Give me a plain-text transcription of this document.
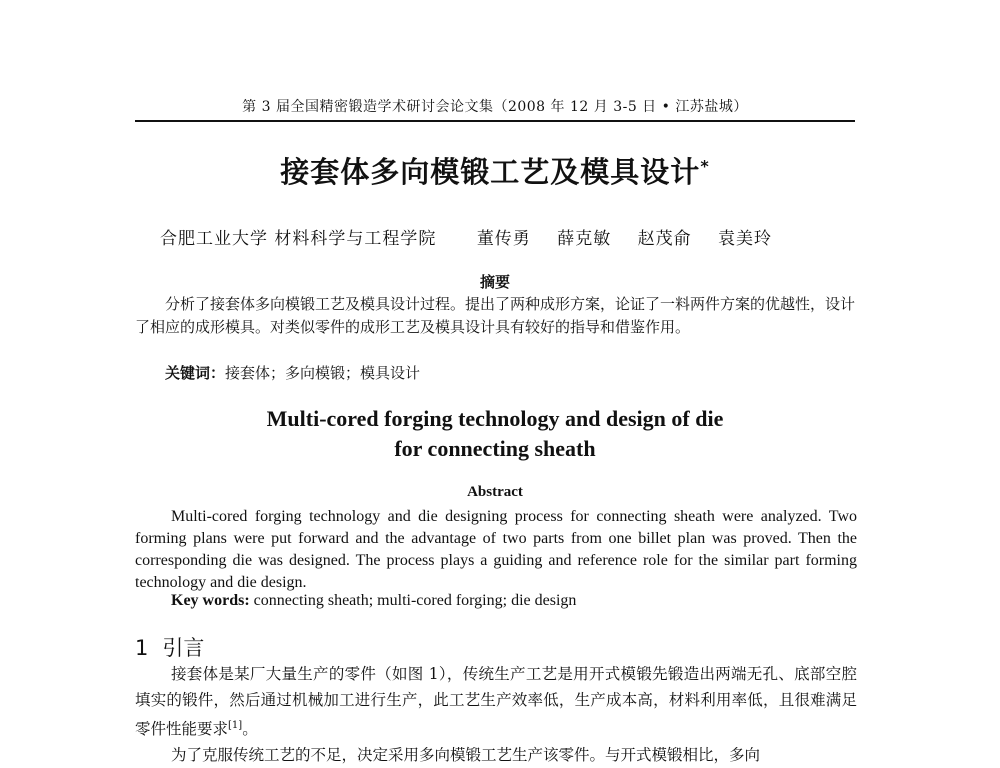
第 3 届全国精密锻造学术研讨会论文集（2008 年 12 月 3-5 日 • 江苏盐城）
接套体多向模锻工艺及模具设计*
合肥工业大学 材料科学与工程学院 董传勇 薛克敏 赵茂俞 袁美玲
摘要
分析了接套体多向模锻工艺及模具设计过程。提出了两种成形方案，论证了一料两件方案的优越性，设计了相应的成形模具。对类似零件的成形工艺及模具设计具有较好的指导和借鉴作用。
关键词：接套体；多向模锻；模具设计
Multi-cored forging technology and design of die
for connecting sheath
Abstract
Multi-cored forging technology and die designing process for connecting sheath were analyzed. Two forming plans were put forward and the advantage of two parts from one billet plan was proved. Then the corresponding die was designed. The process plays a guiding and reference role for the similar part forming technology and die design.
Key words: connecting sheath; multi-cored forging; die design
1 引言

接套体是某厂大量生产的零件（如图 1），传统生产工艺是用开式模锻先锻造出两端无孔、底部空腔填实的锻件，然后通过机械加工进行生产，此工艺生产效率低，生产成本高，材料利用率低，且很难满足零件性能要求[1]。

为了克服传统工艺的不足，决定采用多向模锻工艺生产该零件。与开式模锻相比，多向
